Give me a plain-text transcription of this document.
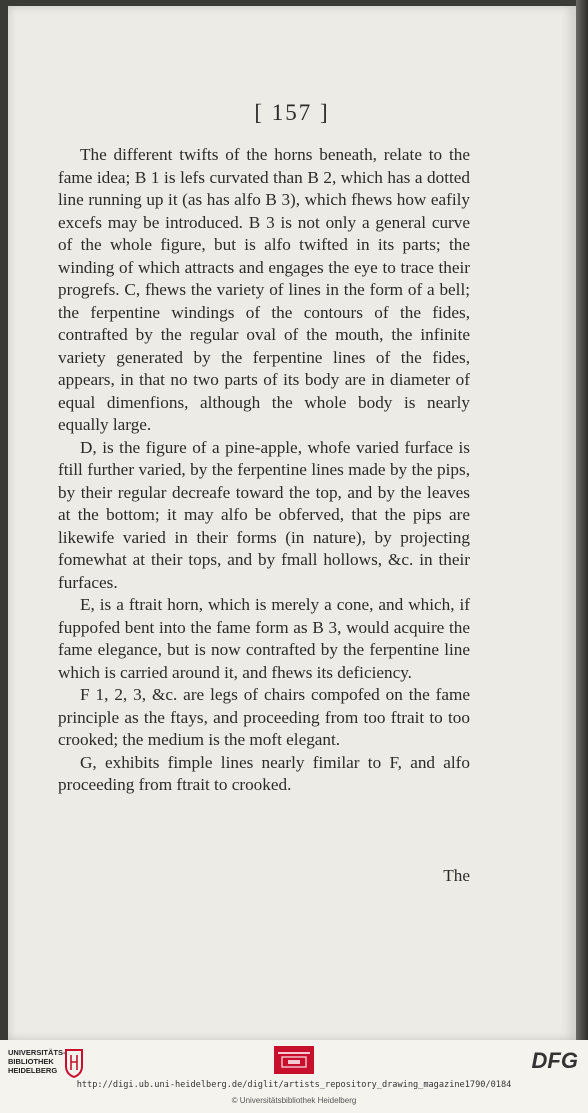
[ 157 ]

The different twifts of the horns beneath, relate to the fame idea; B 1 is lefs curvated than B 2, which has a dotted line running up it (as has alfo B 3), which fhews how eafily excefs may be introduced. B 3 is not only a general curve of the whole figure, but is alfo twifted in its parts; the winding of which attracts and engages the eye to trace their progrefs. C, fhews the variety of lines in the form of a bell; the ferpentine windings of the contours of the fides, contrafted by the regular oval of the mouth, the infinite variety generated by the ferpentine lines of the fides, appears, in that no two parts of its body are in diameter of equal dimenfions, although the whole body is nearly equally large.

D, is the figure of a pine-apple, whofe varied furface is ftill further varied, by the ferpentine lines made by the pips, by their regular decreafe toward the top, and by the leaves at the bottom; it may alfo be obferved, that the pips are likewife varied in their forms (in nature), by projecting fomewhat at their tops, and by fmall hollows, &c. in their furfaces.

E, is a ftrait horn, which is merely a cone, and which, if fuppofed bent into the fame form as B 3, would acquire the fame elegance, but is now contrafted by the ferpentine line which is carried around it, and fhews its deficiency.

F 1, 2, 3, &c. are legs of chairs compofed on the fame principle as the ftays, and proceeding from too ftrait to too crooked; the medium is the moft elegant.

G, exhibits fimple lines nearly fimilar to F, and alfo proceeding from ftrait to crooked.

The
UNIVERSITÄTS-
BIBLIOTHEK
HEIDELBERG	DFG
http://digi.ub.uni-heidelberg.de/diglit/artists_repository_drawing_magazine1790/0184
© Universitätsbibliothek Heidelberg
